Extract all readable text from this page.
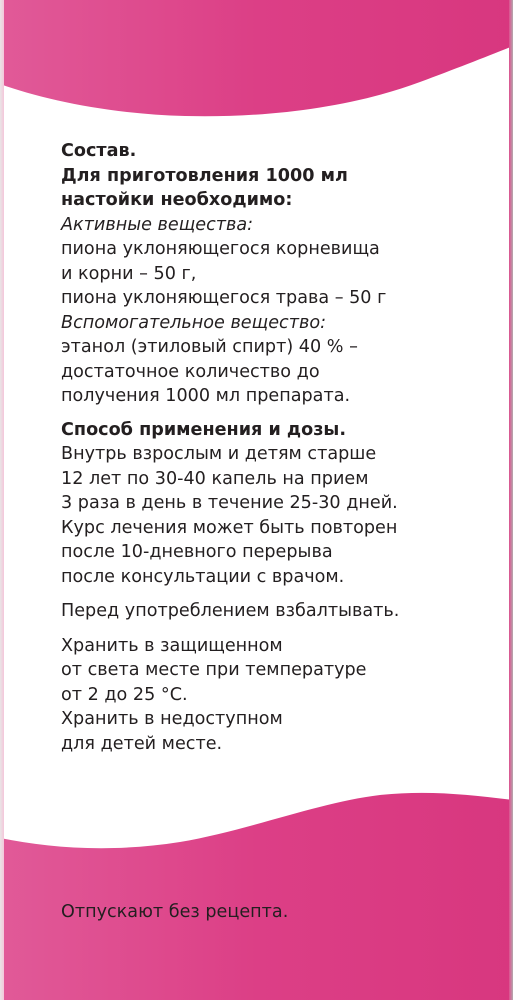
Состав.
Для приготовления 1000 мл
настойки необходимо:
Активные вещества:
пиона уклоняющегося корневища
и корни – 50 г,
пиона уклоняющегося трава – 50 г
Вспомогательное вещество:
этанол (этиловый спирт) 40 % –
достаточное количество до
получения 1000 мл препарата.
Способ применения и дозы.
Внутрь взрослым и детям старше
12 лет по 30-40 капель на прием
3 раза в день в течение 25-30 дней.
Курс лечения может быть повторен
после 10-дневного перерыва
после консультации с врачом.
Перед употреблением взбалтывать.
Хранить в защищенном
от света месте при температуре
от 2 до 25 °С.
Хранить в недоступном
для детей месте.
Отпускают без рецепта.
